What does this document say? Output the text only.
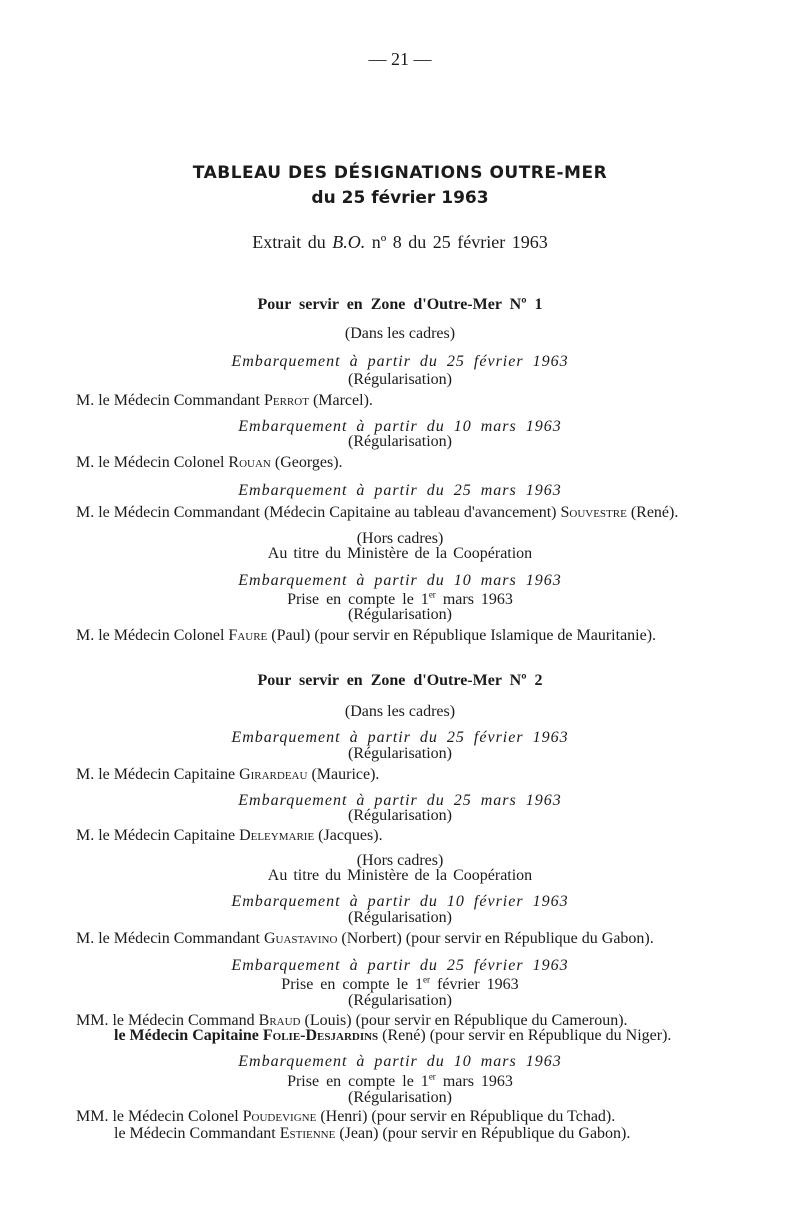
— 21 —
TABLEAU DES DÉSIGNATIONS OUTRE-MER
du 25 février 1963
Extrait du B.O. nº 8 du 25 février 1963
Pour servir en Zone d'Outre-Mer Nº 1
(Dans les cadres)
Embarquement à partir du 25 février 1963
(Régularisation)
M. le Médecin Commandant Perrot (Marcel).
Embarquement à partir du 10 mars 1963
(Régularisation)
M. le Médecin Colonel Rouan (Georges).
Embarquement à partir du 25 mars 1963
M. le Médecin Commandant (Médecin Capitaine au tableau d'avancement) Souvestre (René).
(Hors cadres)
Au titre du Ministère de la Coopération
Embarquement à partir du 10 mars 1963
Prise en compte le 1er mars 1963
(Régularisation)
M. le Médecin Colonel Faure (Paul) (pour servir en République Islamique de Mauritanie).
Pour servir en Zone d'Outre-Mer Nº 2
(Dans les cadres)
Embarquement à partir du 25 février 1963
(Régularisation)
M. le Médecin Capitaine Girardeau (Maurice).
Embarquement à partir du 25 mars 1963
(Régularisation)
M. le Médecin Capitaine Deleymarie (Jacques).
(Hors cadres)
Au titre du Ministère de la Coopération
Embarquement à partir du 10 février 1963
(Régularisation)
M. le Médecin Commandant Guastavino (Norbert) (pour servir en République du Gabon).
Embarquement à partir du 25 février 1963
Prise en compte le 1er février 1963
(Régularisation)
MM. le Médecin Command Braud (Louis) (pour servir en République du Cameroun).
le Médecin Capitaine Folie-Desjardins (René) (pour servir en République du Niger).
Embarquement à partir du 10 mars 1963
Prise en compte le 1er mars 1963
(Régularisation)
MM. le Médecin Colonel Poudevigne (Henri) (pour servir en République du Tchad).
le Médecin Commandant Estienne (Jean) (pour servir en République du Gabon).
